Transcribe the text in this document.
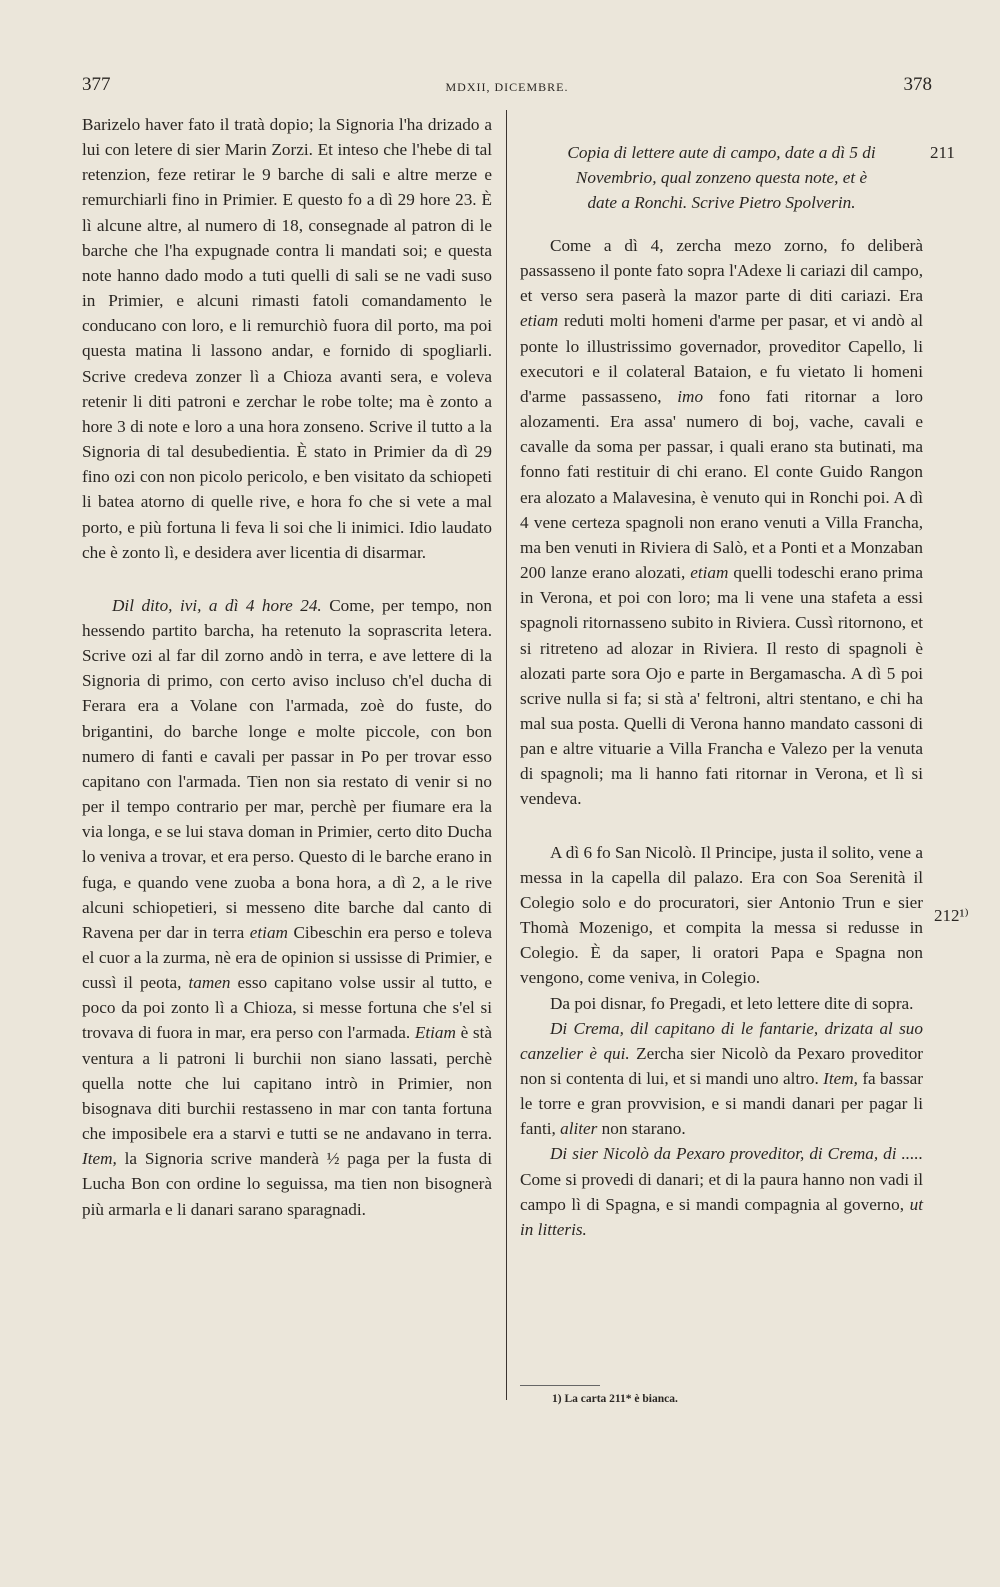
377	MDXII, DICEMBRE.	378

Barizelo haver fato il tratà dopio; la Signoria l'ha drizado a lui con letere di sier Marin Zorzi. Et inteso che l'hebe di tal retenzion, feze retirar le 9 barche di sali e altre merze e remurchiarli fino in Primier. E questo fo a dì 29 hore 23. È lì alcune altre, al numero di 18, consegnade al patron di le barche che l'ha expugnade contra li mandati soi; e questa note hanno dado modo a tuti quelli di sali se ne vadi suso in Primier, e alcuni rimasti fatoli comandamento le conducano con loro, e li remurchiò fuora dil porto, ma poi questa matina li lassono andar, e fornido di spogliarli. Scrive credeva zonzer lì a Chioza avanti sera, e voleva retenir li diti patroni e zerchar le robe tolte; ma è zonto a hore 3 di note e loro a una hora zonseno. Scrive il tutto a la Signoria di tal desubedientia. È stato in Primier da dì 29 fino ozi con non picolo pericolo, e ben visitato da schiopeti li batea atorno di quelle rive, e hora fo che si vete a mal porto, e più fortuna li feva li soi che li inimici. Idio laudato che è zonto lì, e desidera aver licentia di disarmar.

Dil dito, ivi, a dì 4 hore 24. Come, per tempo, non hessendo partito barcha, ha retenuto la soprascrita letera. Scrive ozi al far dil zorno andò in terra, e ave lettere di la Signoria di primo, con certo aviso incluso ch'el ducha di Ferara era a Volane con l'armada, zoè do fuste, do brigantini, do barche longe e molte piccole, con bon numero di fanti e cavali per passar in Po per trovar esso capitano con l'armada. Tien non sia restato di venir si no per il tempo contrario per mar, perchè per fiumare era la via longa, e se lui stava doman in Primier, certo dito Ducha lo veniva a trovar, et era perso. Questo di le barche erano in fuga, e quando vene zuoba a bona hora, a dì 2, a le rive alcuni schiopetieri, si messeno dite barche dal canto di Ravena per dar in terra etiam Cibeschin era perso e toleva el cuor a la zurma, nè era de opinion si ussisse di Primier, e cussì il peota, tamen esso capitano volse ussir al tutto, e poco da poi zonto lì a Chioza, si messe fortuna che s'el si trovava di fuora in mar, era perso con l'armada. Etiam è stà ventura a li patroni li burchii non siano lassati, perchè quella notte che lui capitano intrò in Primier, non bisognava diti burchii restasseno in mar con tanta fortuna che imposibele era a starvi e tutti se ne andavano in terra. Item, la Signoria scrive manderà ½ paga per la fusta di Lucha Bon con ordine lo seguissa, ma tien non bisognerà più armarla e li danari sarano sparagnadi.

Copia di lettere aute di campo, date a dì 5 di
Novembrio, qual zonzeno questa note, et è
date a Ronchi. Scrive Pietro Spolverin.

Come a dì 4, zercha mezo zorno, fo deliberà passasseno il ponte fato sopra l'Adexe li cariazi dil campo, et verso sera paserà la mazor parte di diti cariazi. Era etiam reduti molti homeni d'arme per pasar, et vi andò al ponte lo illustrissimo governador, proveditor Capello, li executori e il colateral Bataion, e fu vietato li homeni d'arme passasseno, imo fono fati ritornar a loro alozamenti. Era assa' numero di boj, vache, cavali e cavalle da soma per passar, i quali erano sta butinati, ma fonno fati restituir di chi erano. El conte Guido Rangon era alozato a Malavesina, è venuto qui in Ronchi poi. A dì 4 vene certeza spagnoli non erano venuti a Villa Francha, ma ben venuti in Riviera di Salò, et a Ponti et a Monzaban 200 lanze erano alozati, etiam quelli todeschi erano prima in Verona, et poi con loro; ma li vene una stafeta a essi spagnoli ritornasseno subito in Riviera. Cussì ritornono, et si ritreteno ad alozar in Riviera. Il resto di spagnoli è alozati parte sora Ojo e parte in Bergamascha. A dì 5 poi scrive nulla si fa; si stà a' feltroni, altri stentano, e chi ha mal sua posta. Quelli di Verona hanno mandato cassoni di pan e altre vituarie a Villa Francha e Valezo per la venuta di spagnoli; ma li hanno fati ritornar in Verona, et lì si vendeva.

A dì 6 fo San Nicolò. Il Principe, justa il solito, vene a messa in la capella dil palazo. Era con Soa Serenità il Colegio solo e do procuratori, sier Antonio Trun e sier Thomà Mozenigo, et compita la messa si redusse in Colegio. È da saper, li oratori Papa e Spagna non vengono, come veniva, in Colegio.

Da poi disnar, fo Pregadi, et leto lettere dite di sopra.

Di Crema, dil capitano di le fantarie, drizata al suo canzelier è qui. Zercha sier Nicolò da Pexaro proveditor non si contenta di lui, et si mandi uno altro. Item, fa bassar le torre e gran provvision, e si mandi danari per pagar li fanti, aliter non starano.

Di sier Nicolò da Pexaro proveditor, di Crema, di ..... Come si provedi di danari; et di la paura hanno non vadi il campo lì di Spagna, e si mandi compagnia al governo, ut in litteris.

211
212¹⁾
1) La carta 211* è bianca.
